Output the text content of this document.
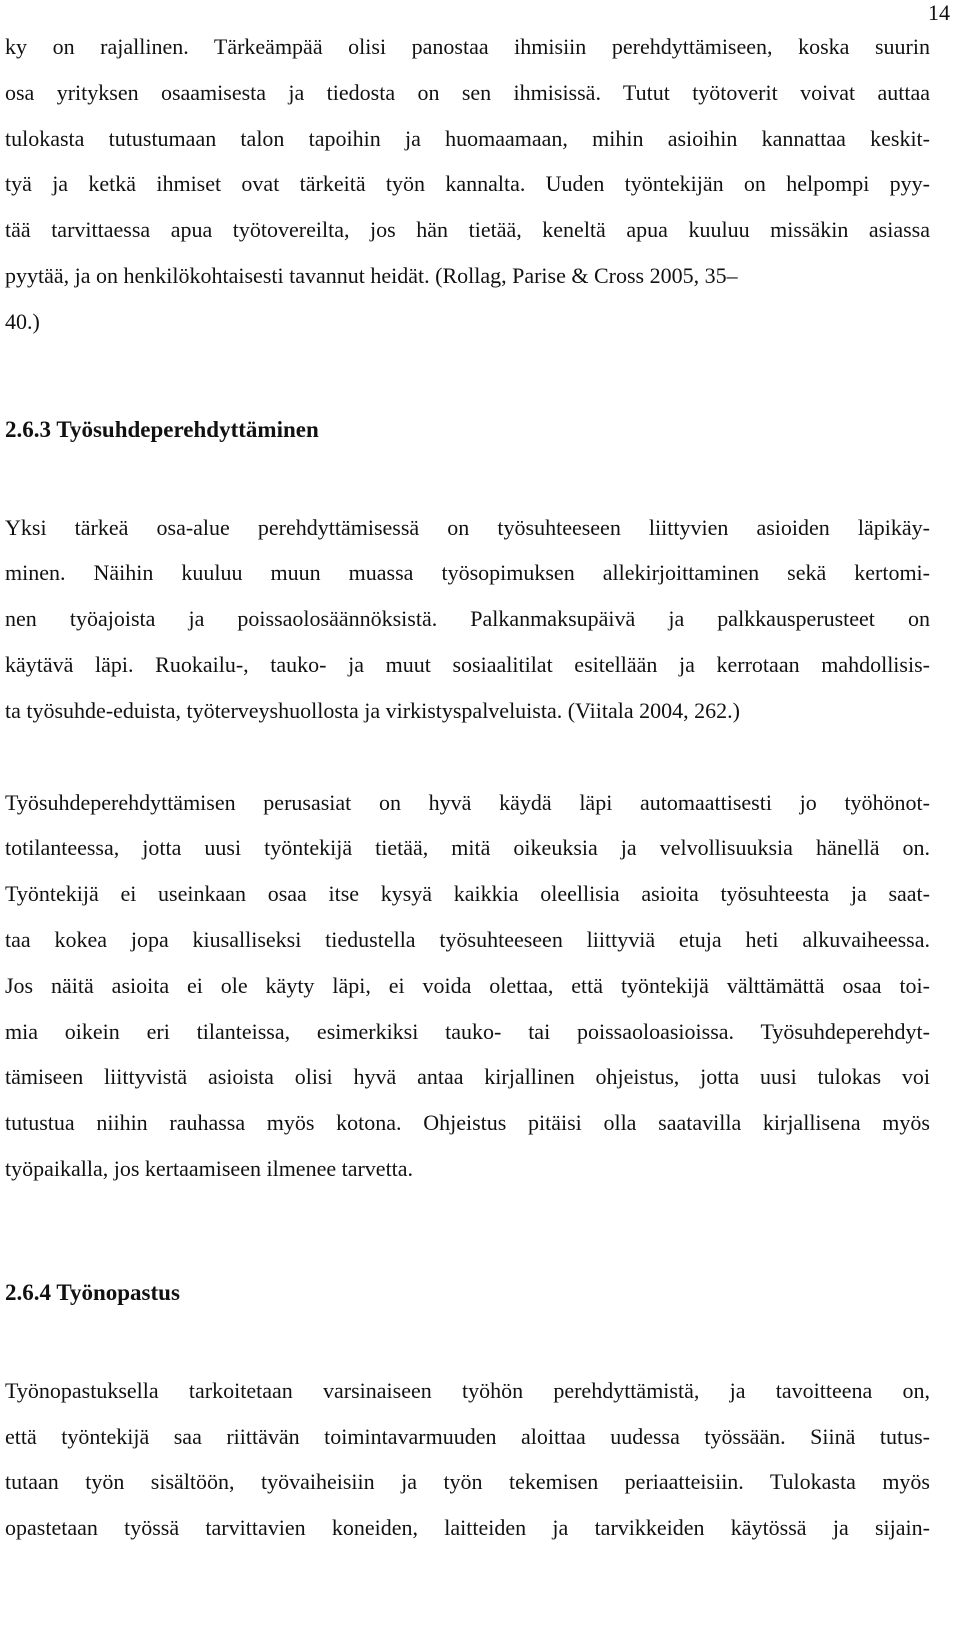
14
ky on rajallinen. Tärkeämpää olisi panostaa ihmisiin perehdyttämiseen, koska suurin
osa yrityksen osaamisesta ja tiedosta on sen ihmisissä. Tutut työtoverit voivat auttaa
tulokasta tutustumaan talon tapoihin ja huomaamaan, mihin asioihin kannattaa keskit-
tyä ja ketkä ihmiset ovat tärkeitä työn kannalta. Uuden työntekijän on helpompi pyy-
tää tarvittaessa apua työtovereilta, jos hän tietää, keneltä apua kuuluu missäkin asiassa
pyytää, ja on henkilökohtaisesti tavannut heidät. (Rollag, Parise & Cross 2005, 35–
40.)
2.6.3 Työsuhdeperehdyttäminen
Yksi tärkeä osa-alue perehdyttämisessä on työsuhteeseen liittyvien asioiden läpikäy-
minen. Näihin kuuluu muun muassa työsopimuksen allekirjoittaminen sekä kertomi-
nen työajoista ja poissaolosäännöksistä. Palkanmaksupäivä ja palkkausperusteet on
käytävä läpi. Ruokailu-, tauko- ja muut sosiaalitilat esitellään ja kerrotaan mahdollisis-
ta työsuhde-eduista, työterveyshuollosta ja virkistyspalveluista. (Viitala 2004, 262.)
Työsuhdeperehdyttämisen perusasiat on hyvä käydä läpi automaattisesti jo työhönot-
totilanteessa, jotta uusi työntekijä tietää, mitä oikeuksia ja velvollisuuksia hänellä on.
Työntekijä ei useinkaan osaa itse kysyä kaikkia oleellisia asioita työsuhteesta ja saat-
taa kokea jopa kiusalliseksi tiedustella työsuhteeseen liittyviä etuja heti alkuvaiheessa.
Jos näitä asioita ei ole käyty läpi, ei voida olettaa, että työntekijä välttämättä osaa toi-
mia oikein eri tilanteissa, esimerkiksi tauko- tai poissaoloasioissa. Työsuhdeperehdyt-
tämiseen liittyvistä asioista olisi hyvä antaa kirjallinen ohjeistus, jotta uusi tulokas voi
tutustua niihin rauhassa myös kotona. Ohjeistus pitäisi olla saatavilla kirjallisena myös
työpaikalla, jos kertaamiseen ilmenee tarvetta.
2.6.4 Työnopastus
Työnopastuksella tarkoitetaan varsinaiseen työhön perehdyttämistä, ja tavoitteena on,
että työntekijä saa riittävän toimintavarmuuden aloittaa uudessa työssään. Siinä tutus-
tutaan työn sisältöön, työvaiheisiin ja työn tekemisen periaatteisiin. Tulokasta myös
opastetaan työssä tarvittavien koneiden, laitteiden ja tarvikkeiden käytössä ja sijain-
